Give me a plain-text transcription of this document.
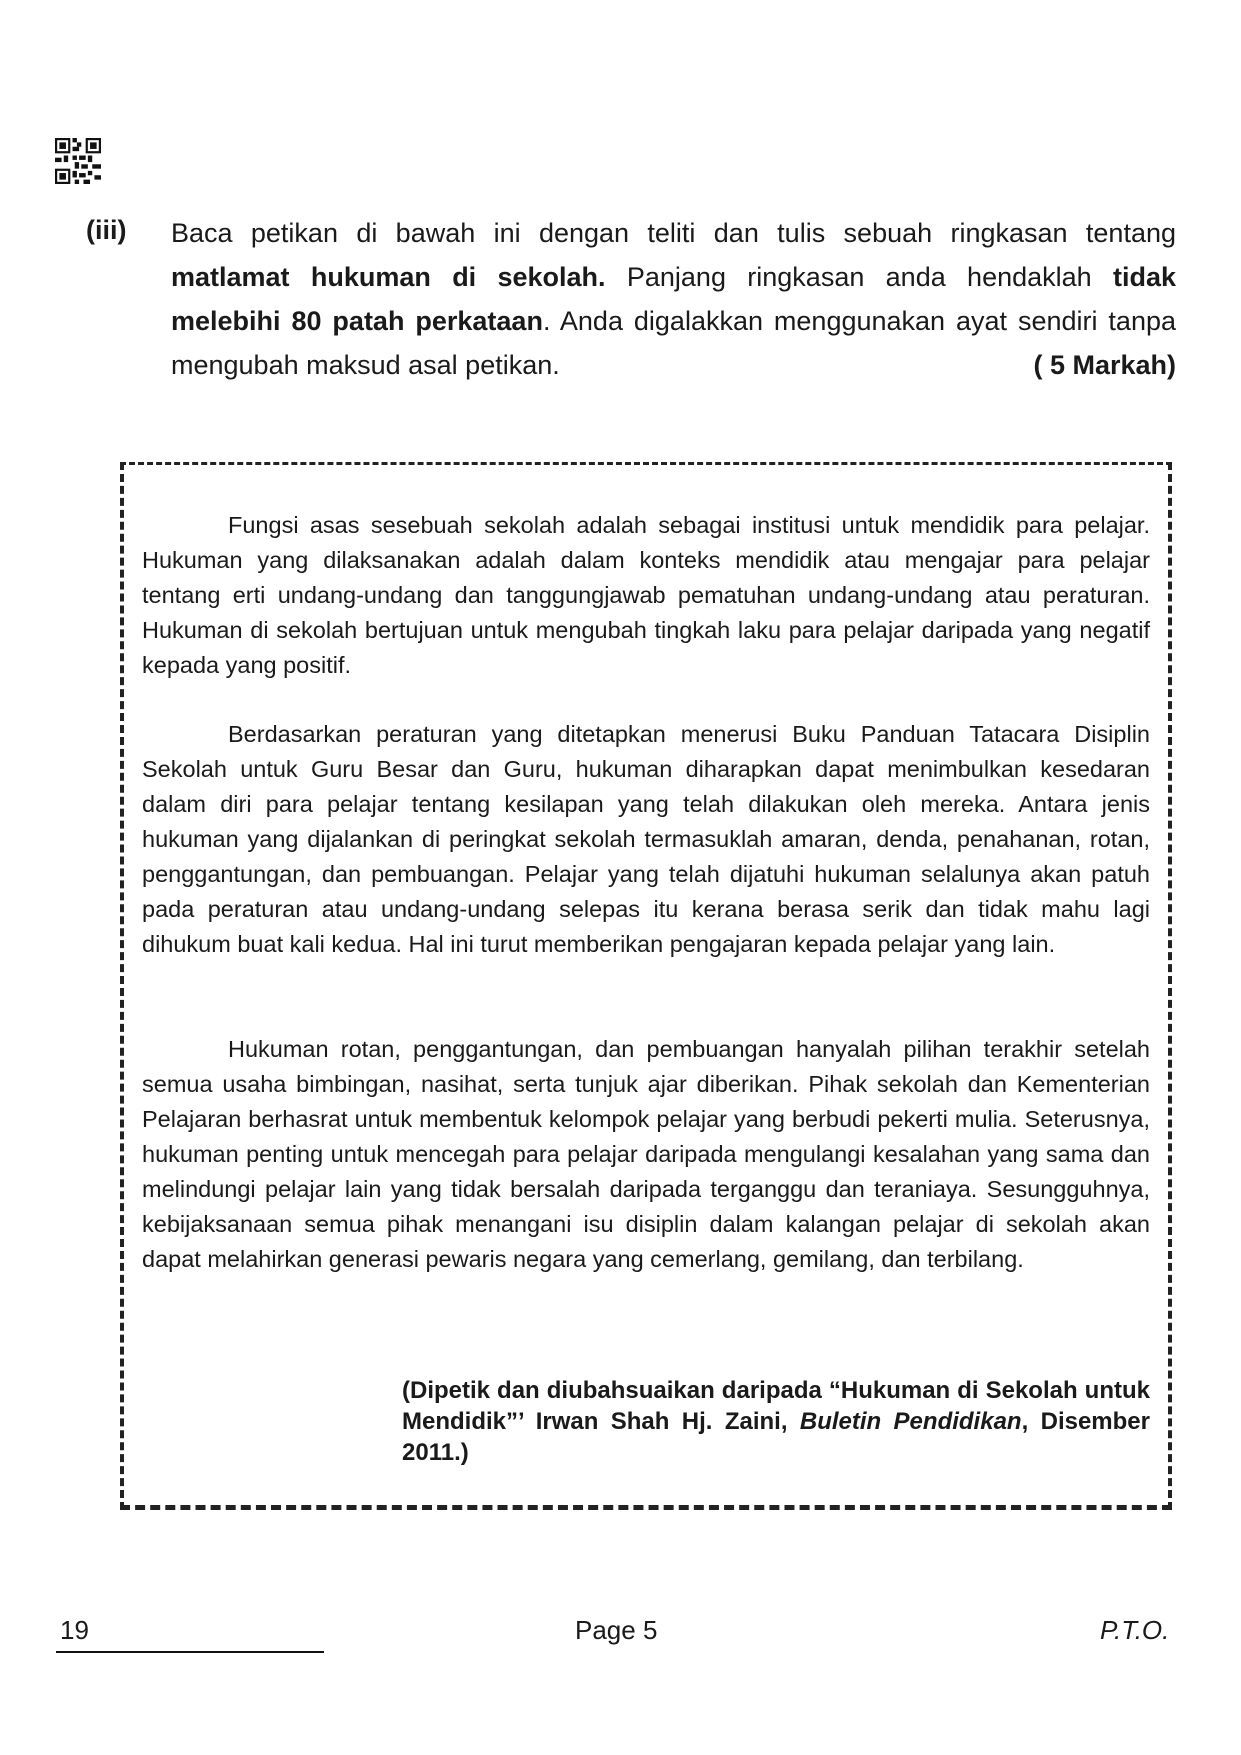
(iii) Baca petikan di bawah ini dengan teliti dan tulis sebuah ringkasan tentang matlamat hukuman di sekolah. Panjang ringkasan anda hendaklah tidak melebihi 80 patah perkataan. Anda digalakkan menggunakan ayat sendiri tanpa mengubah maksud asal petikan.	( 5 Markah)

Fungsi asas sesebuah sekolah adalah sebagai institusi untuk mendidik para pelajar. Hukuman yang dilaksanakan adalah dalam konteks mendidik atau mengajar para pelajar tentang erti undang-undang dan tanggungjawab pematuhan undang-undang atau peraturan. Hukuman di sekolah bertujuan untuk mengubah tingkah laku para pelajar daripada yang negatif kepada yang positif.

Berdasarkan peraturan yang ditetapkan menerusi Buku Panduan Tatacara Disiplin Sekolah untuk Guru Besar dan Guru, hukuman diharapkan dapat menimbulkan kesedaran dalam diri para pelajar tentang kesilapan yang telah dilakukan oleh mereka. Antara jenis hukuman yang dijalankan di peringkat sekolah termasuklah amaran, denda, penahanan, rotan, penggantungan, dan pembuangan. Pelajar yang telah dijatuhi hukuman selalunya akan patuh pada peraturan atau undang-undang selepas itu kerana berasa serik dan tidak mahu lagi dihukum buat kali kedua. Hal ini turut memberikan pengajaran kepada pelajar yang lain.

Hukuman rotan, penggantungan, dan pembuangan hanyalah pilihan terakhir setelah semua usaha bimbingan, nasihat, serta tunjuk ajar diberikan. Pihak sekolah dan Kementerian Pelajaran berhasrat untuk membentuk kelompok pelajar yang berbudi pekerti mulia. Seterusnya, hukuman penting untuk mencegah para pelajar daripada mengulangi kesalahan yang sama dan melindungi pelajar lain yang tidak bersalah daripada terganggu dan teraniaya. Sesungguhnya, kebijaksanaan semua pihak menangani isu disiplin dalam kalangan pelajar di sekolah akan dapat melahirkan generasi pewaris negara yang cemerlang, gemilang, dan terbilang.

(Dipetik dan diubahsuaikan daripada “Hukuman di Sekolah untuk Mendidik”’ Irwan Shah Hj. Zaini, Buletin Pendidikan, Disember 2011.)
19	Page 5	P.T.O.
